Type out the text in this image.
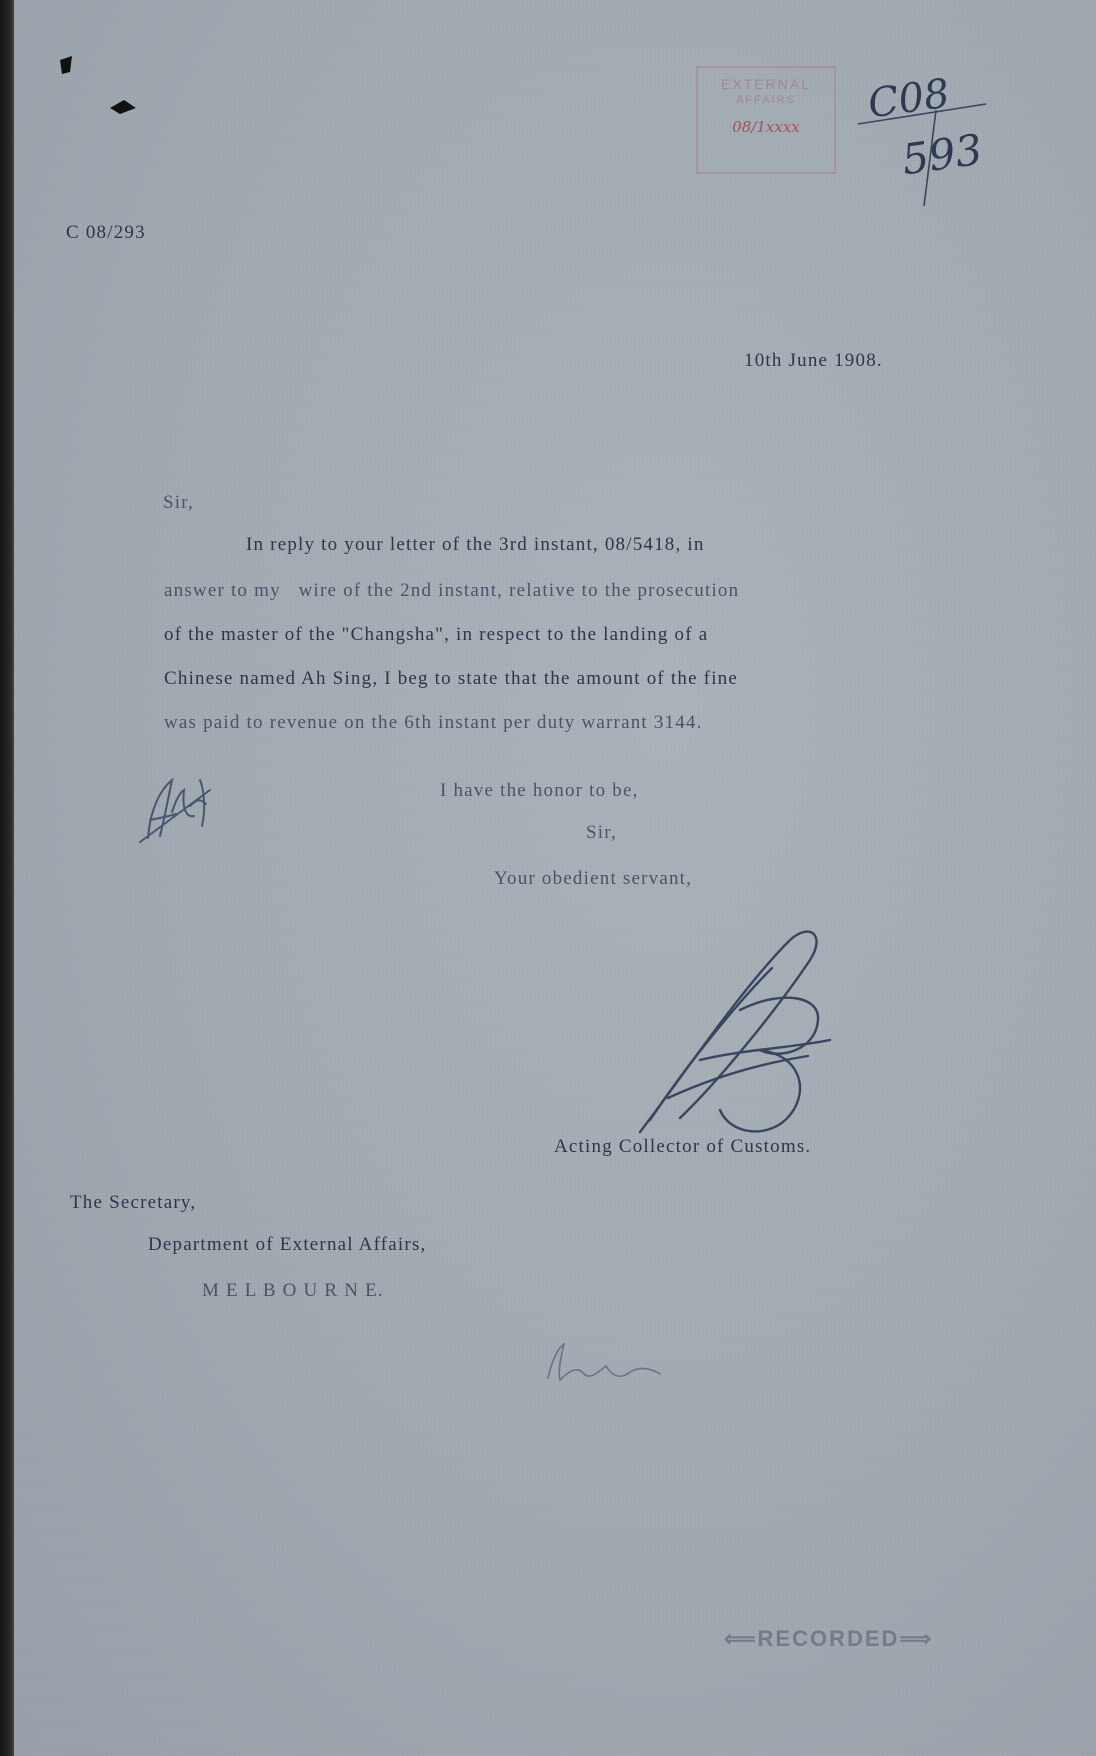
C 08/293
EXTERNAL
AFFAIRS
08/1xxxx	C08
593
10th June 1908.
Sir,
In reply to your letter of the 3rd instant, 08/5418, in
answer to my   wire of the 2nd instant, relative to the prosecution
of the master of the "Changsha", in respect to the landing of a
Chinese named Ah Sing, I beg to state that the amount of the fine
was paid to revenue on the 6th instant per duty warrant 3144.
I have the honor to be,
Sir,
Your obedient servant,
Acting Collector of Customs.
The Secretary,
Department of External Affairs,
M E L B O U R N E.
⟸RECORDED⟹
